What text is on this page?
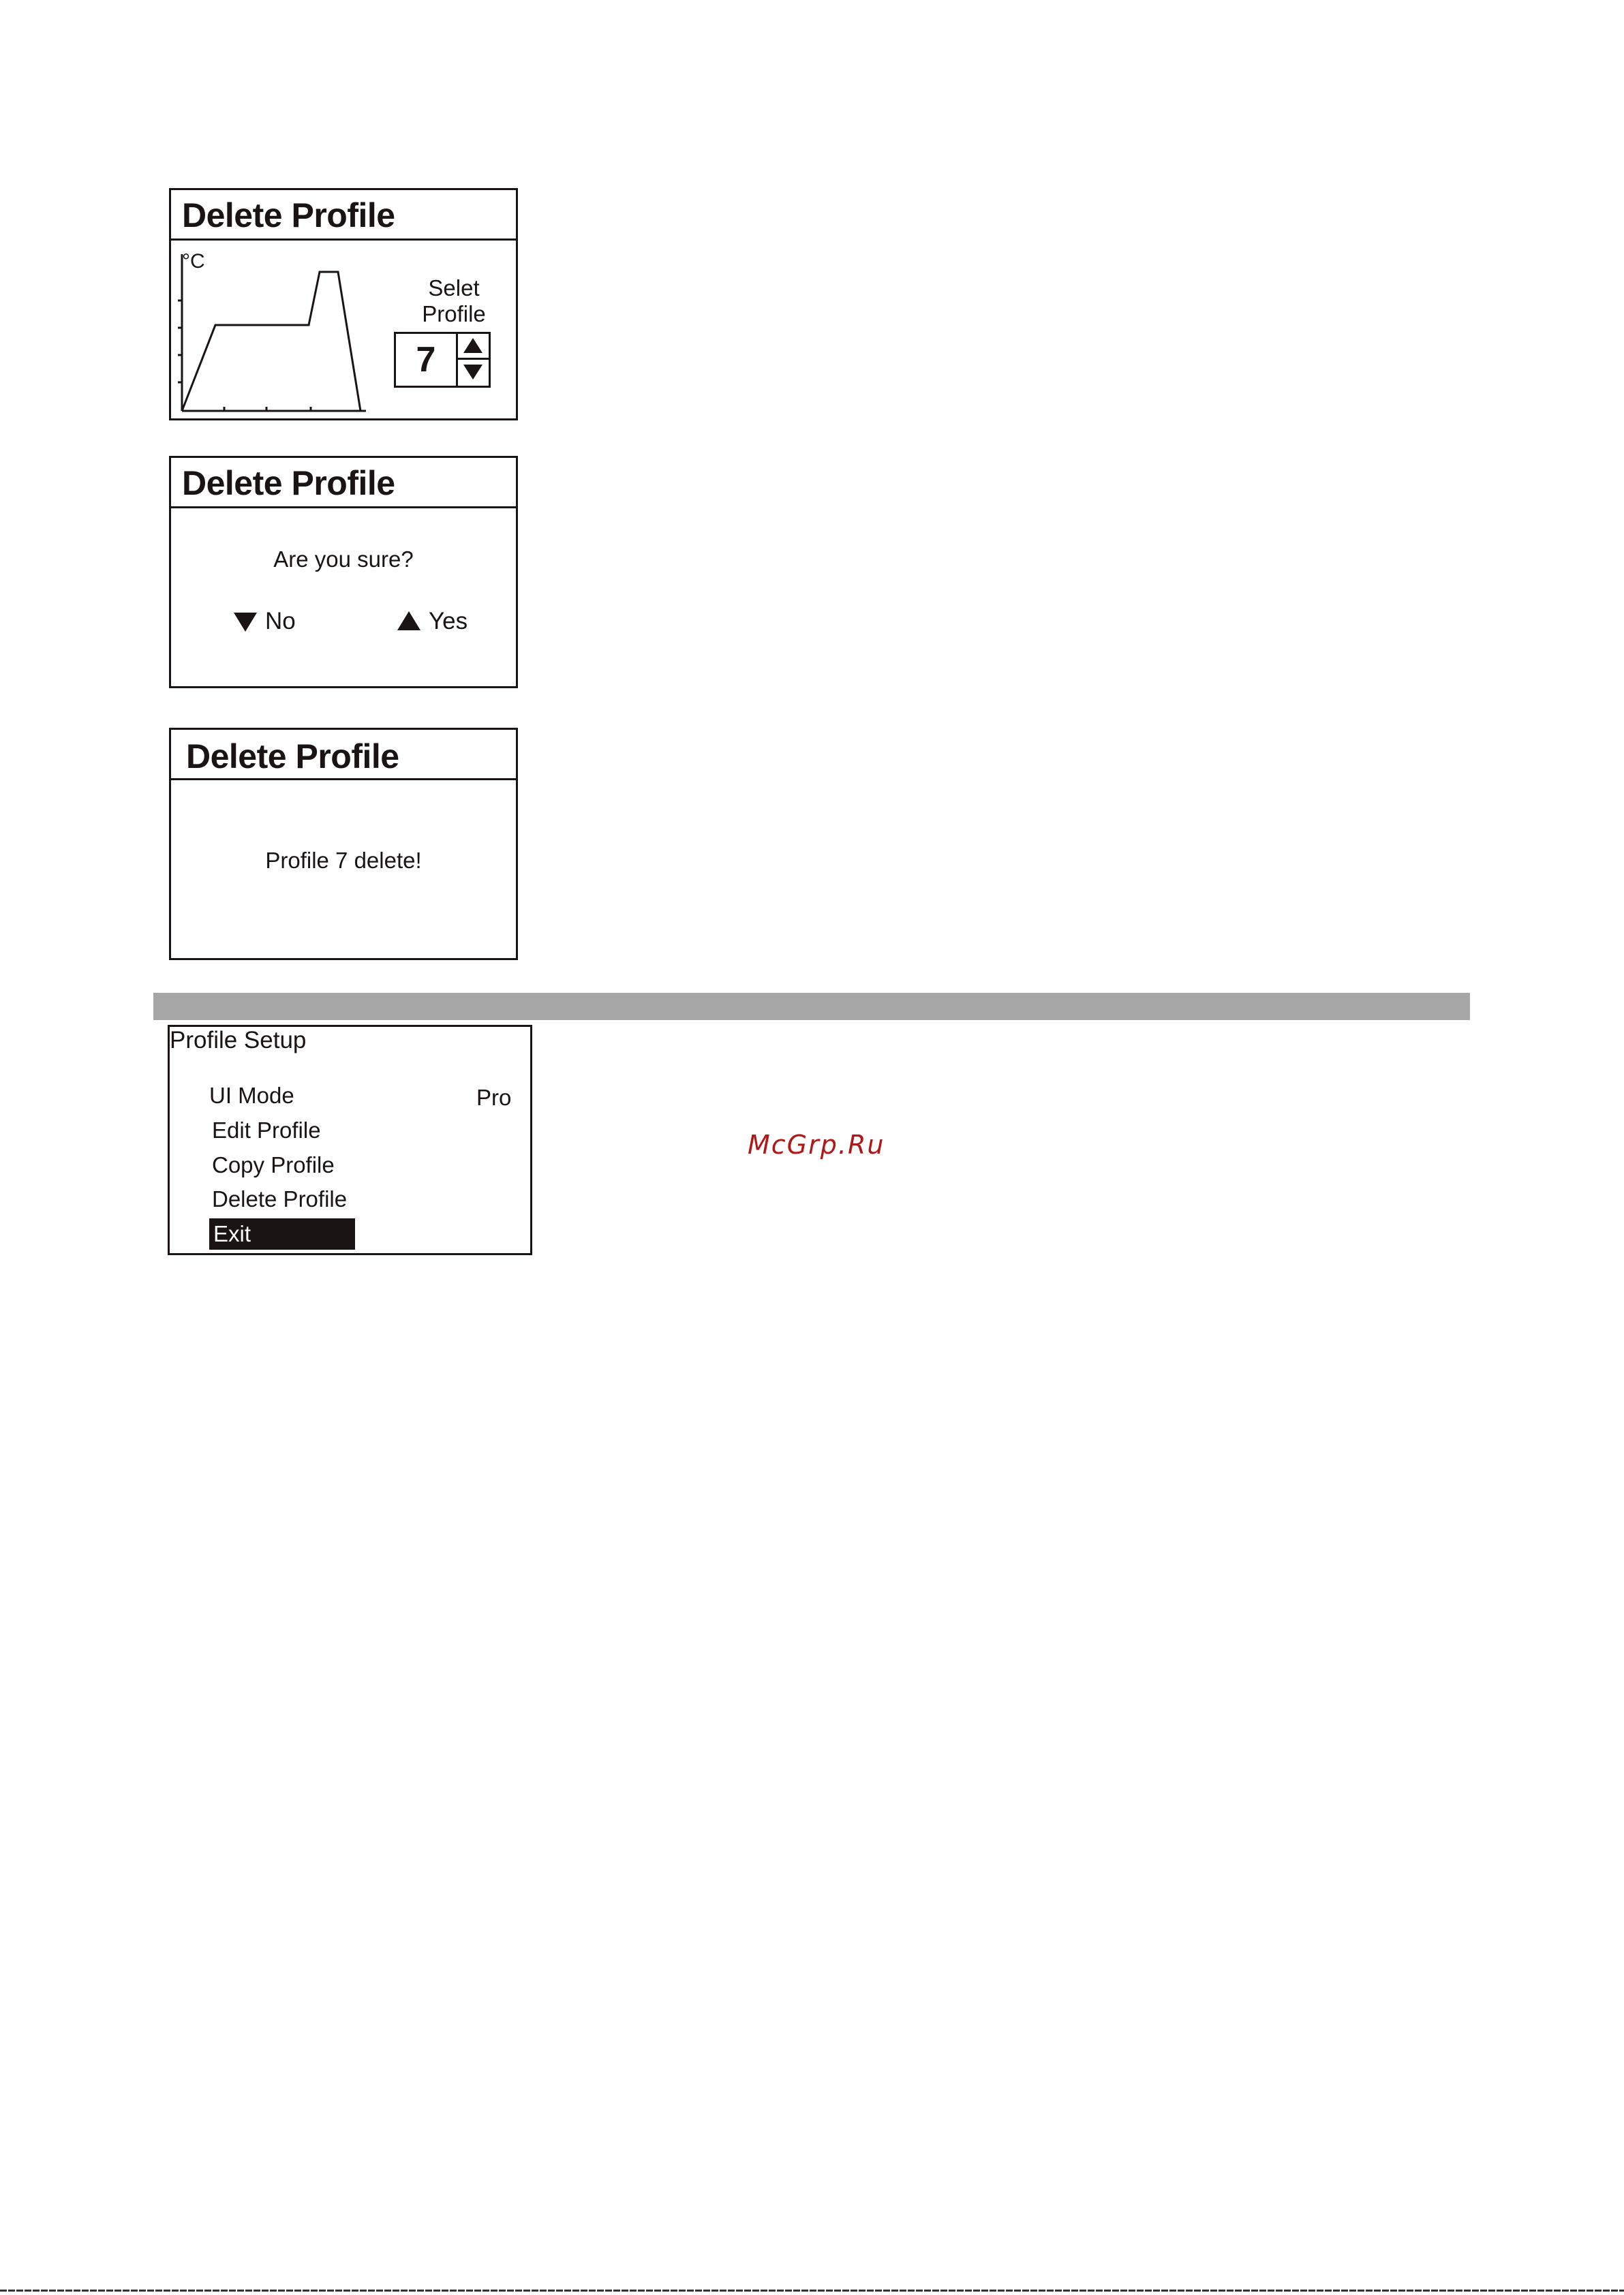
Delete Profile
°C
Selet
Profile
7
Delete Profile
Are you sure?
No	Yes
Delete Profile
Profile 7 delete!
Profile Setup
UI Mode	Pro
Edit Profile
Copy Profile
Delete Profile
Exit
McGrp.Ru
